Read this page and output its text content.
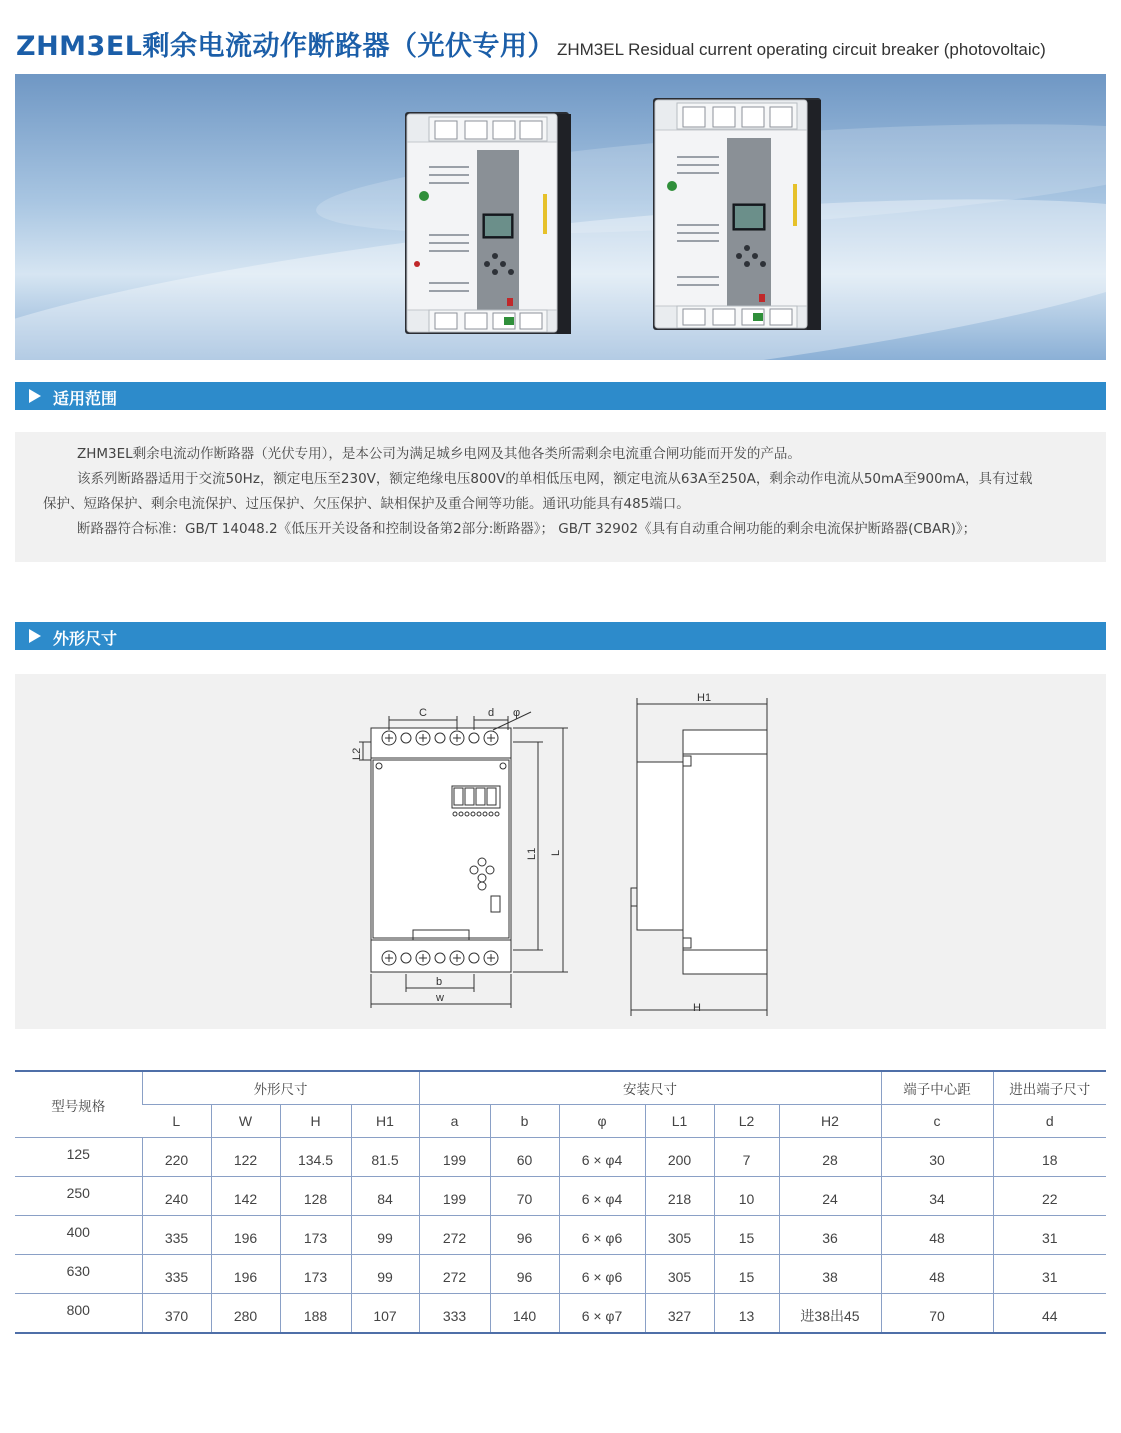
ZHM3EL剩余电流动作断路器（光伏专用） ZHM3EL Residual current operating circuit breaker (photovoltaic)
适用范围

ZHM3EL剩余电流动作断路器（光伏专用），是本公司为满足城乡电网及其他各类所需剩余电流重合闸功能而开发的产品。

该系列断路器适用于交流50Hz，额定电压至230V，额定绝缘电压800V的单相低压电网，额定电流从63A至250A，剩余动作电流从50mA至900mA，具有过载

保护、短路保护、剩余电流保护、过压保护、欠压保护、缺相保护及重合闸等功能。通讯功能具有485端口。

断路器符合标准：GB/T 14048.2《低压开关设备和控制设备第2部分:断路器》； GB/T 32902《具有自动重合闸功能的剩余电流保护断路器(CBAR)》；

外形尺寸
C	d φ
L2
L1 L
b
w
H1
H
型号规格	外形尺寸				安装尺寸						端子中心距	进出端子尺寸
	L	W	H	H1	a	b	φ	L1	L2	H2	c	d
125	220	122	134.5	81.5	199	60	6 × φ4	200	7	28	30	18
250	240	142	128	84	199	70	6 × φ4	218	10	24	34	22
400	335	196	173	99	272	96	6 × φ6	305	15	36	48	31
630	335	196	173	99	272	96	6 × φ6	305	15	38	48	31
800	370	280	188	107	333	140	6 × φ7	327	13	进38出45	70	44
